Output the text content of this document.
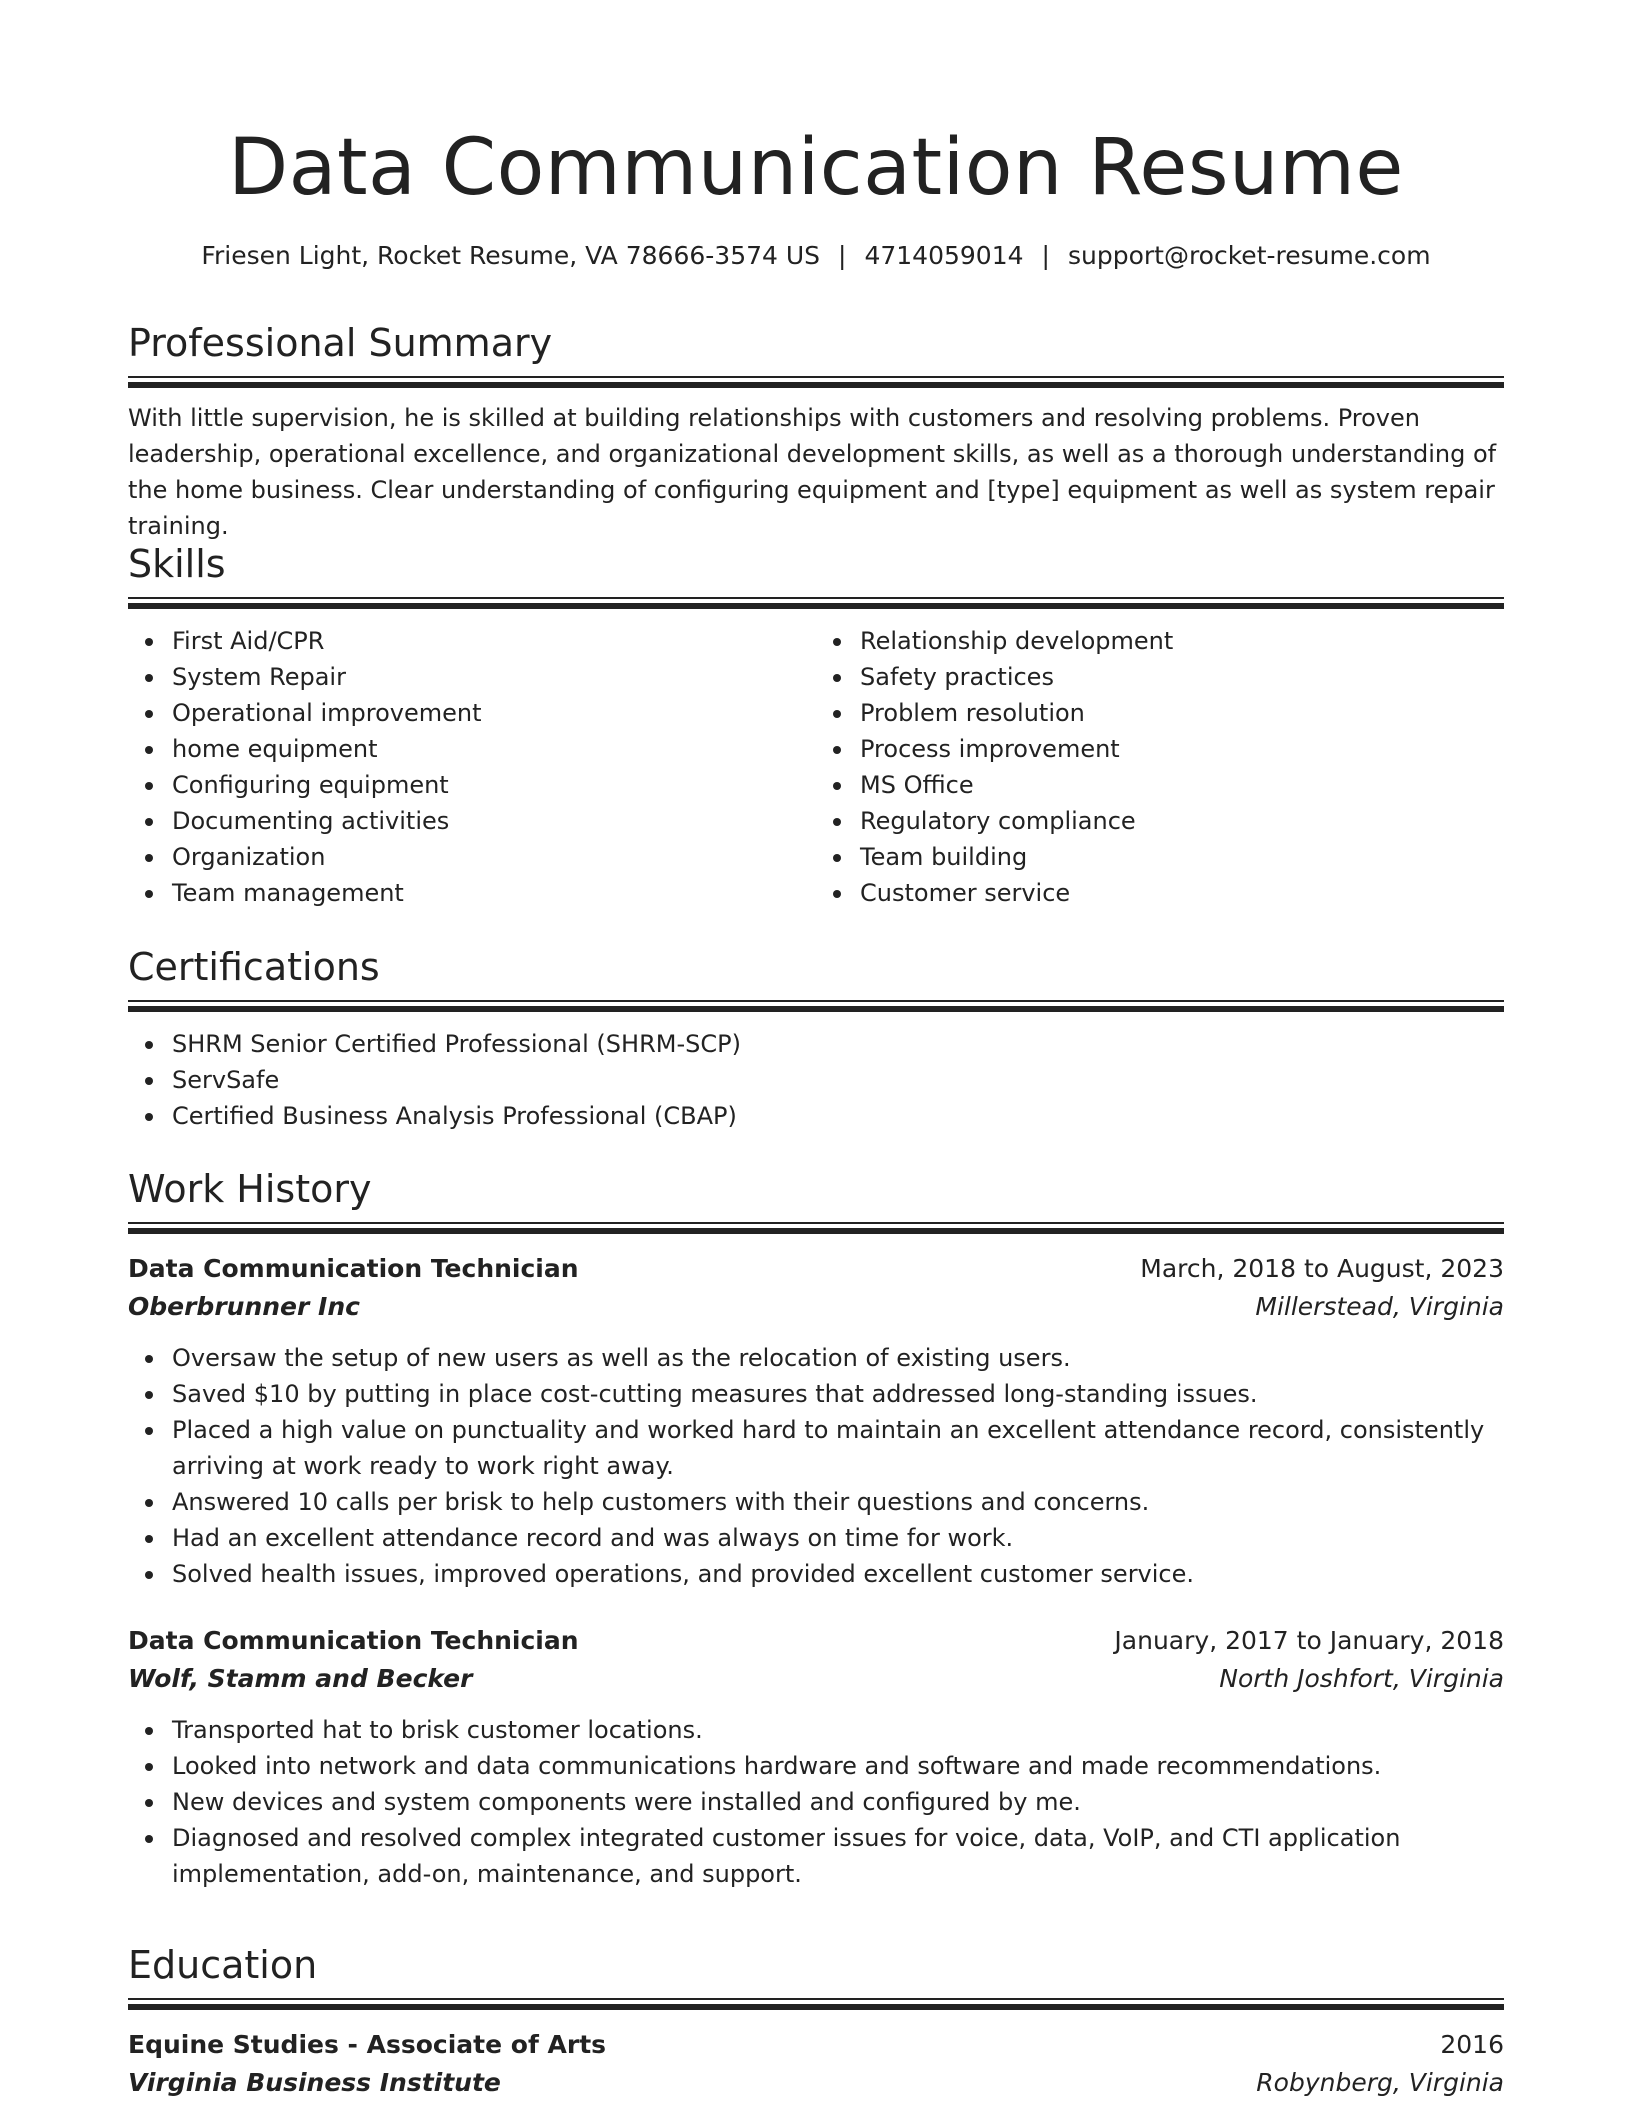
Data Communication Resume
Friesen Light, Rocket Resume, VA 78666-3574 US | 4714059014 | support@rocket-resume.com
Professional Summary

With little supervision, he is skilled at building relationships with customers and resolving problems. Proven leadership, operational excellence, and organizational development skills, as well as a thorough understanding of the home business. Clear understanding of configuring equipment and [type] equipment as well as system repair training.

Skills
First Aid/CPR
System Repair
Operational improvement
home equipment
Configuring equipment
Documenting activities
Organization
Team management
Relationship development
Safety practices
Problem resolution
Process improvement
MS Office
Regulatory compliance
Team building
Customer service
Certifications
SHRM Senior Certified Professional (SHRM-SCP)
ServSafe
Certified Business Analysis Professional (CBAP)
Work History
Data Communication Technician	March, 2018 to August, 2023
Oberbrunner Inc	Millerstead, Virginia
Oversaw the setup of new users as well as the relocation of existing users.
Saved $10 by putting in place cost-cutting measures that addressed long-standing issues.
Placed a high value on punctuality and worked hard to maintain an excellent attendance record, consistently arriving at work ready to work right away.
Answered 10 calls per brisk to help customers with their questions and concerns.
Had an excellent attendance record and was always on time for work.
Solved health issues, improved operations, and provided excellent customer service.
Data Communication Technician	January, 2017 to January, 2018
Wolf, Stamm and Becker	North Joshfort, Virginia
Transported hat to brisk customer locations.
Looked into network and data communications hardware and software and made recommendations.
New devices and system components were installed and configured by me.
Diagnosed and resolved complex integrated customer issues for voice, data, VoIP, and CTI application implementation, add-on, maintenance, and support.
Education
Equine Studies - Associate of Arts	2016
Virginia Business Institute	Robynberg, Virginia
